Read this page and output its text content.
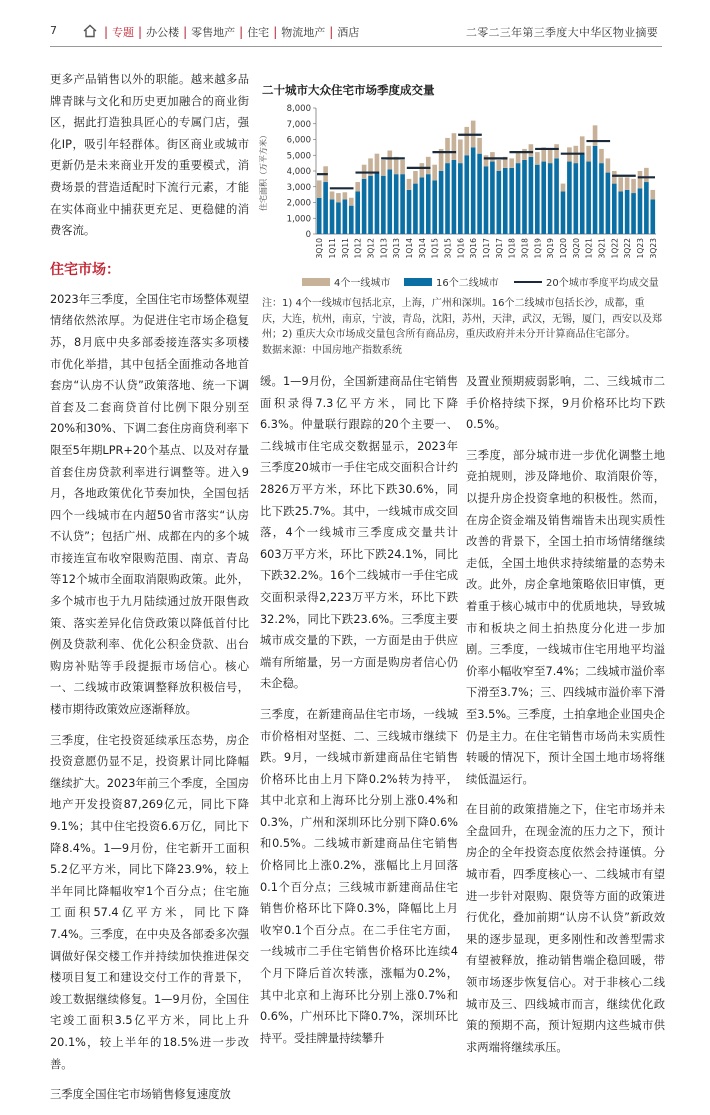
7	| 专题 | 办公楼 | 零售地产 | 住宅 | 物流地产 | 酒店	二零二三年第三季度大中华区物业摘要

更多产品销售以外的职能。越来越多品牌青睐与文化和历史更加融合的商业街区，据此打造独具匠心的专属门店，强化IP，吸引年轻群体。街区商业或城市更新仍是未来商业开发的重要模式，消费场景的营造适配时下流行元素，才能在实体商业中捕获更充足、更稳健的消费客流。

住宅市场：

2023年三季度，全国住宅市场整体观望情绪依然浓厚。为促进住宅市场企稳复苏，8月底中央多部委接连落实多项楼市优化举措，其中包括全面推动各地首套房“认房不认贷”政策落地、统一下调首套及二套商贷首付比例下限分别至20%和30%、下调二套住房商贷利率下限至5年期LPR+20个基点、以及对存量首套住房贷款利率进行调整等。进入9月，各地政策优化节奏加快，全国包括四个一线城市在内超50省市落实“认房不认贷”；包括广州、成都在内的多个城市接连宣布收窄限购范围、南京、青岛等12个城市全面取消限购政策。此外，多个城市也于九月陆续通过放开限售政策、落实差异化信贷政策以降低首付比例及贷款利率、优化公积金贷款、出台购房补贴等手段提振市场信心。核心一、二线城市政策调整释放积极信号，楼市期待政策效应逐渐释放。

三季度，住宅投资延续承压态势，房企投资意愿仍显不足，投资累计同比降幅继续扩大。2023年前三个季度，全国房地产开发投资87,269亿元，同比下降9.1%；其中住宅投资6.6万亿，同比下降8.4%。1—9月份，住宅新开工面积5.2亿平方米，同比下降23.9%，较上半年同比降幅收窄1个百分点；住宅施工面积57.4亿平方米，同比下降7.4%。三季度，在中央及各部委多次强调做好保交楼工作并持续加快推进保交楼项目复工和建设交付工作的背景下，竣工数据继续修复。1—9月份，全国住宅竣工面积3.5亿平方米，同比上升20.1%，较上半年的18.5%进一步改善。

三季度全国住宅市场销售修复速度放

二十城市大众住宅市场季度成交量
0
1,000
2,000
3,000
4,000
5,000
6,000
7,000
8,000
住宅面积（万平方米）
3Q10 1Q11 3Q11 1Q12 3Q12 1Q13 3Q13 1Q14 3Q14 1Q15 3Q15 1Q16 3Q16 1Q17 3Q17 1Q18 3Q18 1Q19 3Q19 1Q20 3Q20 1Q21 3Q21 1Q22 3Q22 1Q23 3Q23
4个一线城市	16个二线城市	20个城市季度平均成交量
注：1) 4个一线城市包括北京，上海，广州和深圳。16个二线城市包括长沙，成都，重庆，大连，杭州，南京，宁波，青岛，沈阳，苏州，天津，武汉，无锡，厦门，西安以及郑州；2) 重庆大众市场成交量包含所有商品房，重庆政府并未分开计算商品住宅部分。
数据来源：中国房地产指数系统

缓。1—9月份，全国新建商品住宅销售面积录得7.3亿平方米，同比下降6.3%。仲量联行跟踪的20个主要一、二线城市住宅成交数据显示，2023年三季度20城市一手住宅成交面积合计约2826万平方米，环比下跌30.6%，同比下跌25.7%。其中，一线城市成交回落，4个一线城市三季度成交量共计603万平方米，环比下跌24.1%，同比下跌32.2%。16个二线城市一手住宅成交面积录得2,223万平方米，环比下跌32.2%，同比下跌23.6%。三季度主要城市成交量的下跌，一方面是由于供应端有所缩量，另一方面是购房者信心仍未企稳。

三季度，在新建商品住宅市场，一线城市价格相对坚挺、二、三线城市继续下跌。9月，一线城市新建商品住宅销售价格环比由上月下降0.2%转为持平，其中北京和上海环比分别上涨0.4%和0.3%，广州和深圳环比分别下降0.6%和0.5%。二线城市新建商品住宅销售价格同比上涨0.2%，涨幅比上月回落0.1个百分点；三线城市新建商品住宅销售价格环比下降0.3%，降幅比上月收窄0.1个百分点。在二手住宅方面，一线城市二手住宅销售价格环比连续4个月下降后首次转涨，涨幅为0.2%，其中北京和上海环比分别上涨0.7%和0.6%，广州环比下降0.7%，深圳环比持平。受挂牌量持续攀升

及置业预期疲弱影响，二、三线城市二手价格持续下探，9月价格环比均下跌0.5%。

三季度，部分城市进一步优化调整土地竞拍规则，涉及降地价、取消限价等，以提升房企投资拿地的积极性。然而，在房企资金端及销售端皆未出现实质性改善的背景下，全国土拍市场情绪继续走低，全国土地供求持续缩量的态势未改。此外，房企拿地策略依旧审慎，更着重于核心城市中的优质地块，导致城市和板块之间土拍热度分化进一步加剧。三季度，一线城市住宅用地平均溢价率小幅收窄至7.4%；二线城市溢价率下滑至3.7%；三、四线城市溢价率下滑至3.5%。三季度，土拍拿地企业国央企仍是主力。在住宅销售市场尚未实质性转暖的情况下，预计全国土地市场将继续低温运行。

在目前的政策措施之下，住宅市场并未全盘回升，在现金流的压力之下，预计房企的全年投资态度依然会持谨慎。分城市看，四季度核心一、二线城市有望进一步针对限购、限贷等方面的政策进行优化，叠加前期“认房不认贷”新政效果的逐步显现，更多刚性和改善型需求有望被释放，推动销售端企稳回暖，带领市场逐步恢复信心。对于非核心二线城市及三、四线城市而言，继续优化政策的预期不高，预计短期内这些城市供求两端将继续承压。
